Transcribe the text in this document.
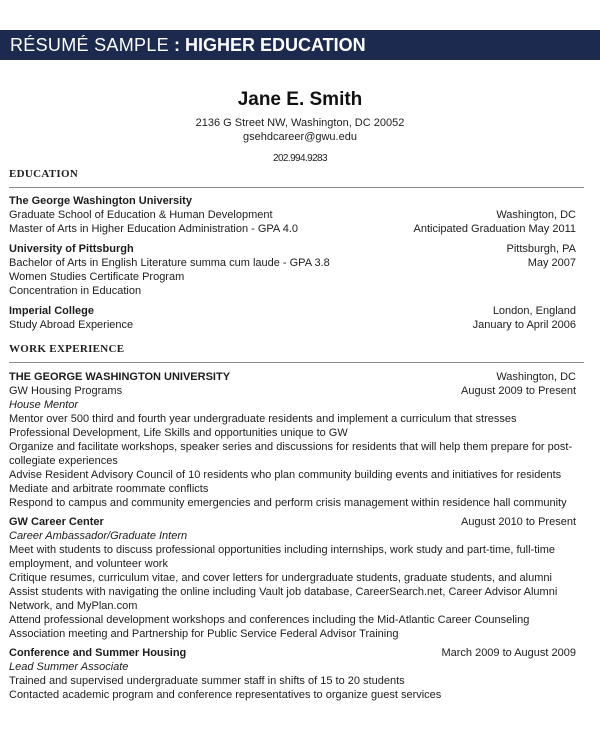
RÉSUMÉ SAMPLE : HIGHER EDUCATION
Jane E. Smith
2136 G Street NW, Washington, DC 20052
gsehdcareer@gwu.edu
202.994.9283
EDUCATION
The George Washington University
Graduate School of Education & Human Development	Washington, DC
Master of Arts in Higher Education Administration - GPA 4.0	Anticipated Graduation May 2011
University of Pittsburgh	Pittsburgh, PA
Bachelor of Arts in English Literature summa cum laude - GPA 3.8	May 2007
Women Studies Certificate Program
Concentration in Education
Imperial College	London, England
Study Abroad Experience	January to April 2006
WORK EXPERIENCE
THE GEORGE WASHINGTON UNIVERSITY	Washington, DC
GW Housing Programs	August 2009 to Present
House Mentor
Mentor over 500 third and fourth year undergraduate residents and implement a curriculum that stresses
Professional Development, Life Skills and opportunities unique to GW
Organize and facilitate workshops, speaker series and discussions for residents that will help them prepare for post-
collegiate experiences
Advise Resident Advisory Council of 10 residents who plan community building events and initiatives for residents
Mediate and arbitrate roommate conflicts
Respond to campus and community emergencies and perform crisis management within residence hall community
GW Career Center	August 2010 to Present
Career Ambassador/Graduate Intern
Meet with students to discuss professional opportunities including internships, work study and part-time, full-time
employment, and volunteer work
Critique resumes, curriculum vitae, and cover letters for undergraduate students, graduate students, and alumni
Assist students with navigating the online including Vault job database, CareerSearch.net, Career Advisor Alumni
Network, and MyPlan.com
Attend professional development workshops and conferences including the Mid-Atlantic Career Counseling
Association meeting and Partnership for Public Service Federal Advisor Training
Conference and Summer Housing	March 2009 to August 2009
Lead Summer Associate
Trained and supervised undergraduate summer staff in shifts of 15 to 20 students
Contacted academic program and conference representatives to organize guest services
